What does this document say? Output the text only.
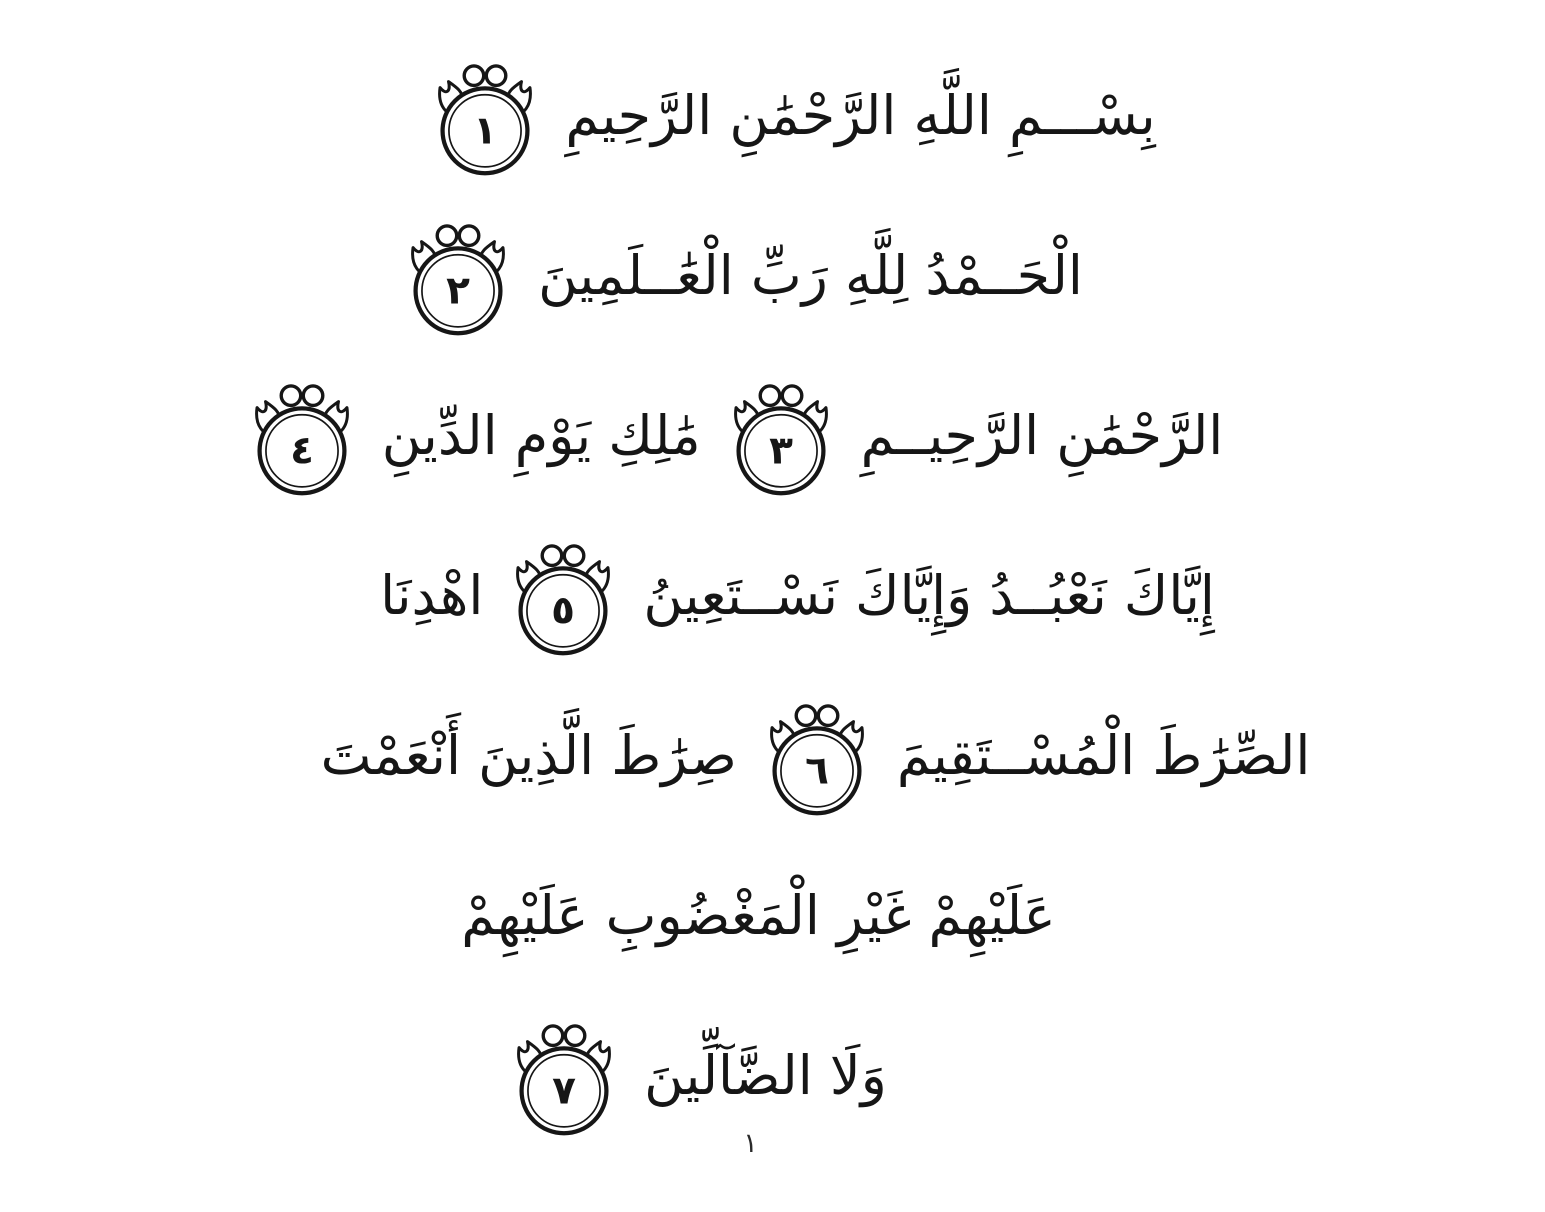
بِسْـــمِ اللَّهِ الرَّحْمَٰنِ الرَّحِيمِ
١
الْحَــمْدُ لِلَّهِ رَبِّ الْعَٰــلَمِينَ
٢
الرَّحْمَٰنِ الرَّحِيــمِ
٣
مَٰلِكِ يَوْمِ الدِّينِ
٤
إِيَّاكَ نَعْبُــدُ وَإِيَّاكَ نَسْــتَعِينُ
٥
اهْدِنَا
الصِّرَٰطَ الْمُسْــتَقِيمَ
٦
صِرَٰطَ الَّذِينَ أَنْعَمْتَ
عَلَيْهِمْ غَيْرِ الْمَغْضُوبِ عَلَيْهِمْ
وَلَا الضَّآلِّينَ
٧
١
